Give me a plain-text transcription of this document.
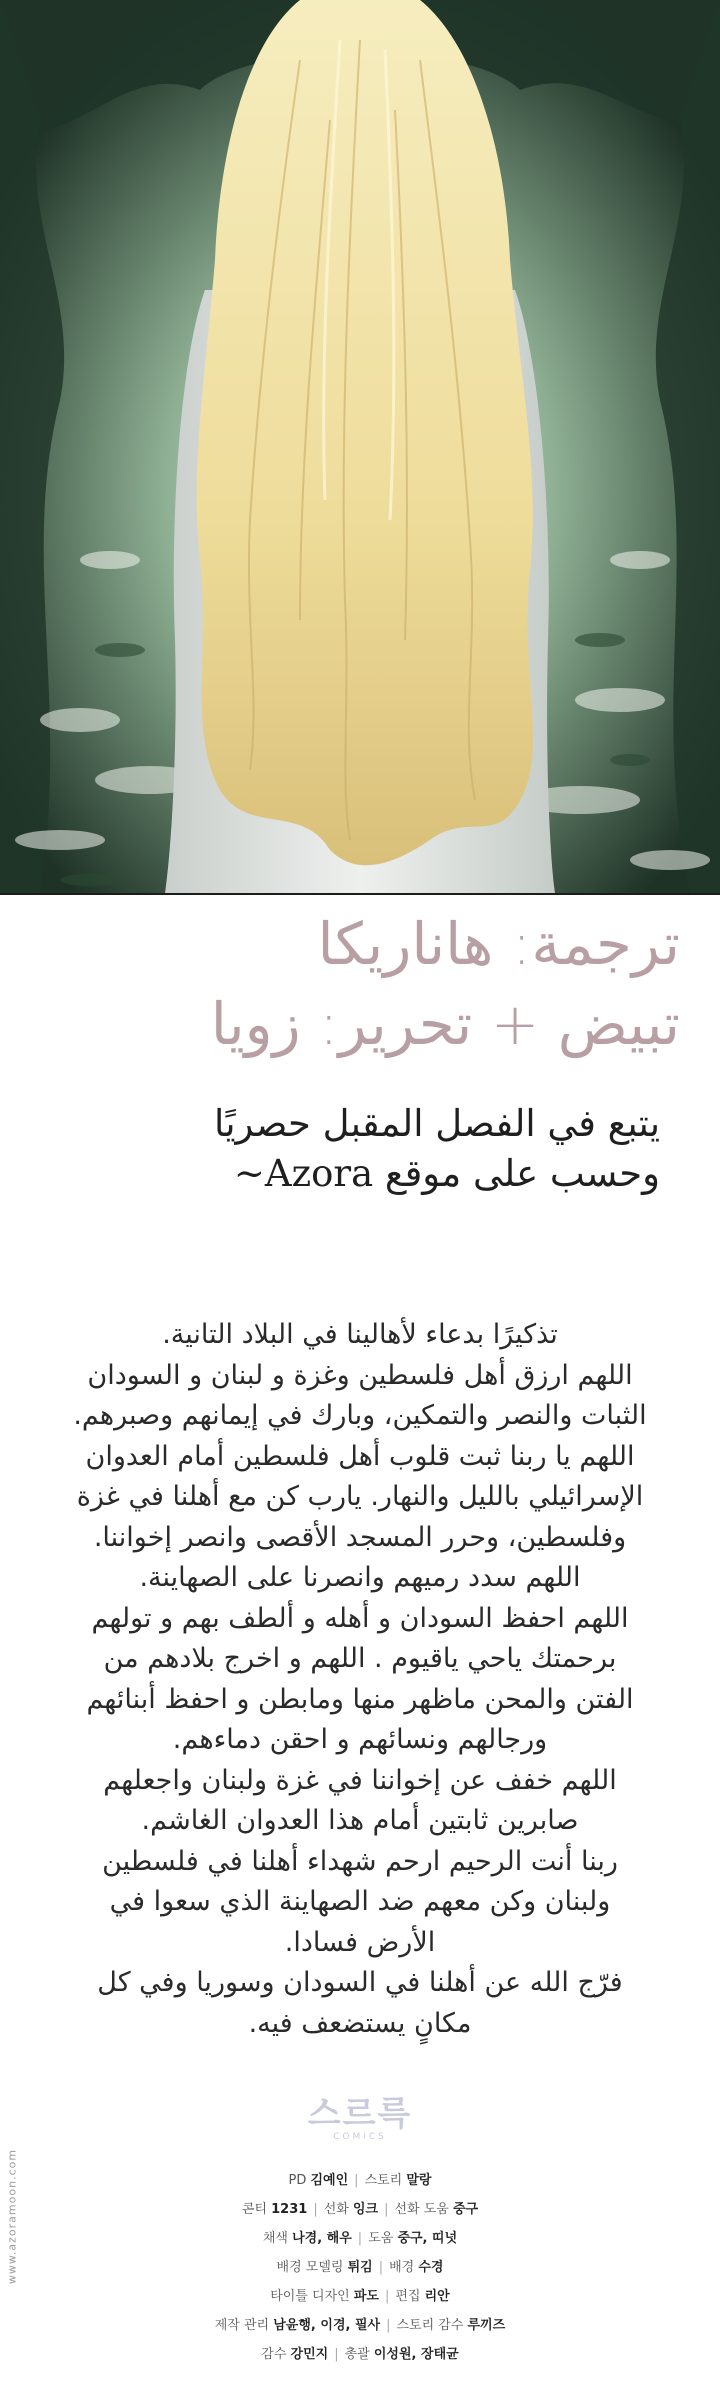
ترجمة: هاناريكا
تبيض + تحرير: زويا
يتبع في الفصل المقبل حصريًا
وحسب على موقع Azora~
تذكيرًا بدعاء لأهالينا في البلاد التانية.
اللهم ارزق أهل فلسطين وغزة و لبنان و السودان
الثبات والنصر والتمكين، وبارك في إيمانهم وصبرهم.
اللهم يا ربنا ثبت قلوب أهل فلسطين أمام العدوان
الإسرائيلي بالليل والنهار. يارب كن مع أهلنا في غزة
وفلسطين، وحرر المسجد الأقصى وانصر إخواننا.
اللهم سدد رميهم وانصرنا على الصهاينة.
اللهم احفظ السودان و أهله و ألطف بهم و تولهم
برحمتك ياحي ياقيوم . اللهم و اخرج بلادهم من
الفتن والمحن ماظهر منها ومابطن و احفظ أبنائهم
ورجالهم ونسائهم و احقن دماءهم.
اللهم خفف عن إخواننا في غزة ولبنان واجعلهم
صابرين ثابتين أمام هذا العدوان الغاشم.
ربنا أنت الرحيم ارحم شهداء أهلنا في فلسطين
ولبنان وكن معهم ضد الصهاينة الذي سعوا في
الأرض فسادا.
فرّج الله عن أهلنا في السودان وسوريا وفي كل
مكانٍ يستضعف فيه.
스르륵
COMICS
PD 김예인 | 스토리 말랑
콘티 1231 | 선화 잉크 | 선화 도움 중구
채색 나경, 해우 | 도움 중구, 띠넛
배경 모델링 튀김 | 배경 수경
타이틀 디자인 파도 | 편집 리안
제작 관리 남윤행, 이경, 필사 | 스토리 감수 루끼즈
감수 강민지 | 총괄 이성원, 장태균
www.azoramoon.com
